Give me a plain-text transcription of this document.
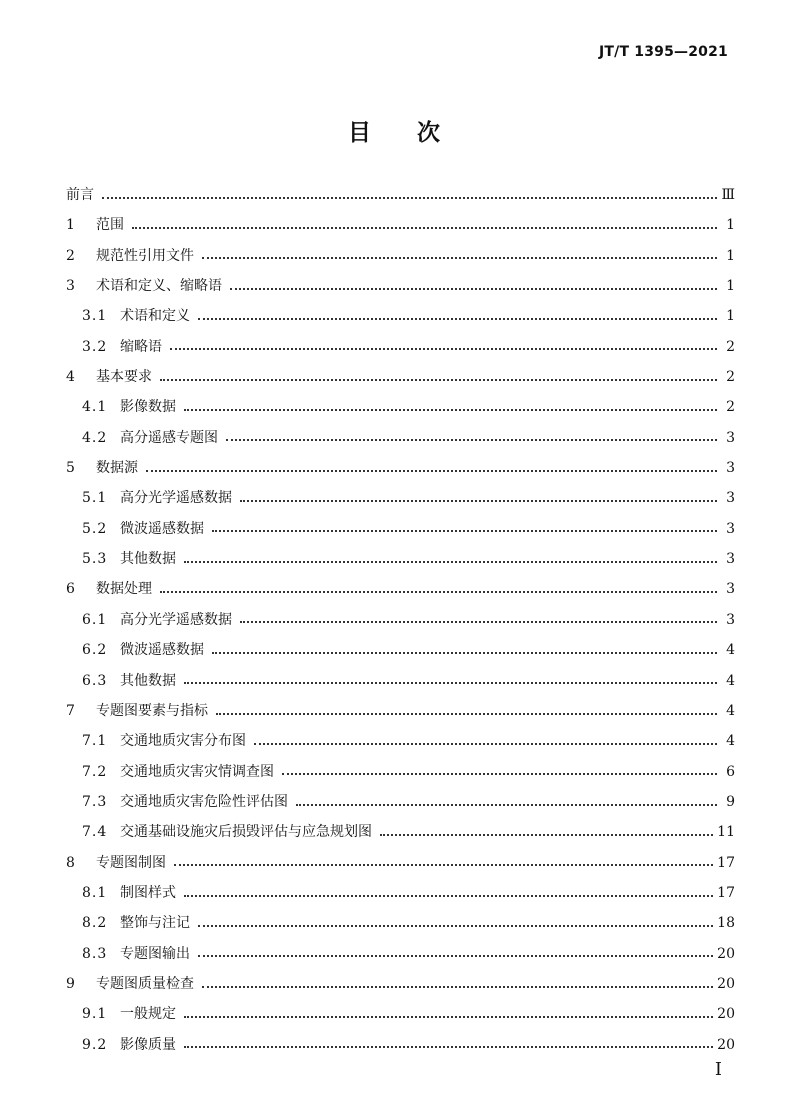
JT/T 1395—2021
目 次
前言	Ⅲ
1	范围	1
2	规范性引用文件	1
3	术语和定义、缩略语	1
3.1 术语和定义	1
3.2 缩略语	2
4	基本要求	2
4.1 影像数据	2
4.2 高分遥感专题图	3
5	数据源	3
5.1 高分光学遥感数据	3
5.2 微波遥感数据	3
5.3 其他数据	3
6	数据处理	3
6.1 高分光学遥感数据	3
6.2 微波遥感数据	4
6.3 其他数据	4
7	专题图要素与指标	4
7.1 交通地质灾害分布图	4
7.2 交通地质灾害灾情调查图	6
7.3 交通地质灾害危险性评估图	9
7.4 交通基础设施灾后损毁评估与应急规划图	11
8	专题图制图	17
8.1 制图样式	17
8.2 整饰与注记	18
8.3 专题图输出	20
9	专题图质量检查	20
9.1 一般规定	20
9.2 影像质量	20
I
